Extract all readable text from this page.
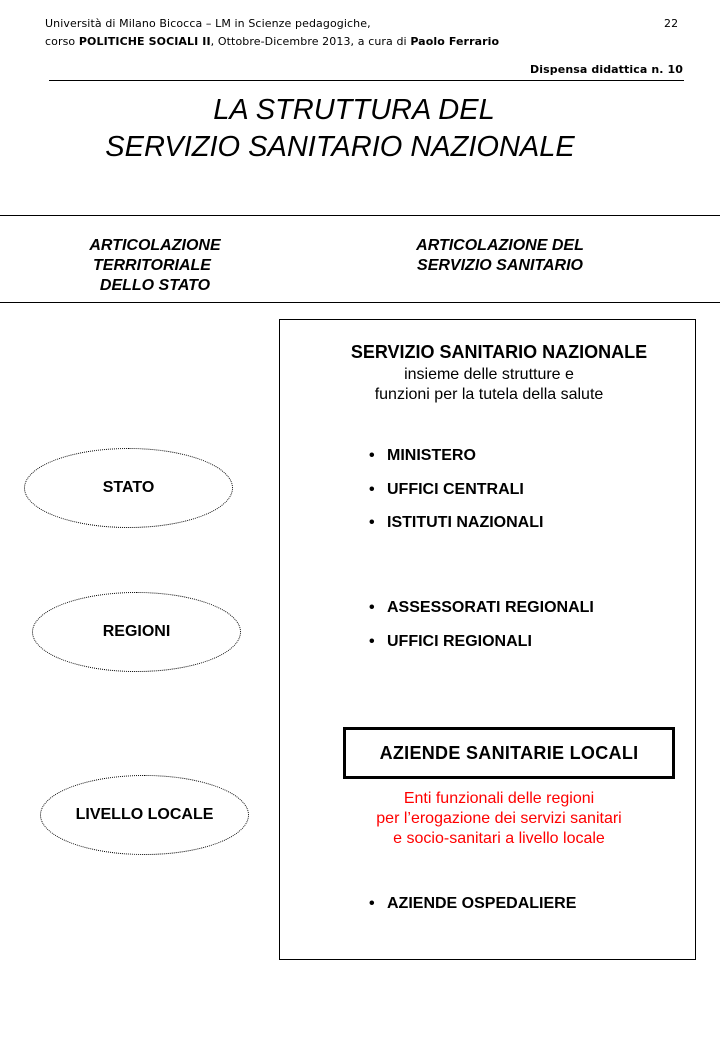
Università di Milano Bicocca – LM in Scienze pedagogiche,
corso POLITICHE SOCIALI II, Ottobre-Dicembre 2013, a cura di Paolo Ferrario
22
Dispensa didattica n. 10
LA STRUTTURA DEL
SERVIZIO SANITARIO NAZIONALE
ARTICOLAZIONE
TERRITORIALE
DELLO STATO
ARTICOLAZIONE DEL
SERVIZIO SANITARIO
STATO
REGIONI
LIVELLO LOCALE
SERVIZIO SANITARIO NAZIONALE
insieme delle strutture e
funzioni per la tutela della salute
• MINISTERO
• UFFICI CENTRALI
• ISTITUTI NAZIONALI
• ASSESSORATI REGIONALI
• UFFICI REGIONALI
AZIENDE SANITARIE LOCALI
Enti funzionali delle regioni
per l’erogazione dei servizi sanitari
e socio-sanitari a livello locale
• AZIENDE OSPEDALIERE
